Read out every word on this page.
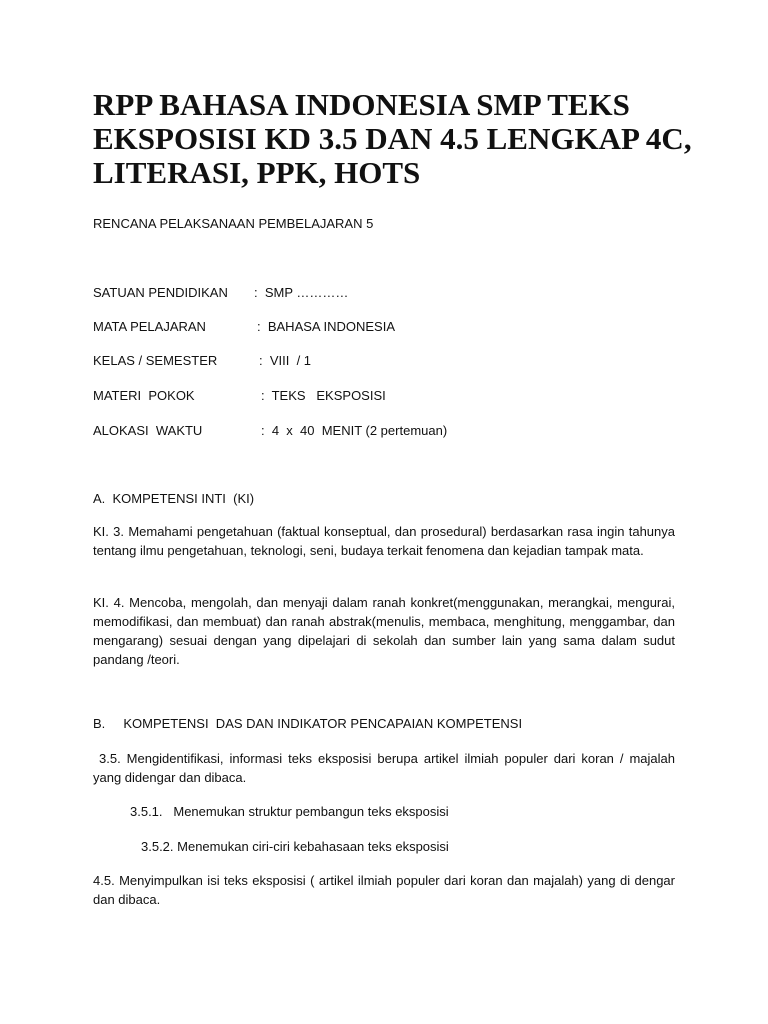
RPP BAHASA INDONESIA SMP TEKS EKSPOSISI KD 3.5 DAN 4.5 LENGKAP 4C, LITERASI, PPK, HOTS
RENCANA PELAKSANAAN PEMBELAJARAN 5
SATUAN PENDIDIKAN :  SMP …………
MATA PELAJARAN	:  BAHASA INDONESIA
KELAS / SEMESTER	:  VIII  / 1
MATERI  POKOK	:  TEKS   EKSPOSISI
ALOKASI  WAKTU	:  4  x  40  MENIT (2 pertemuan)
A.  KOMPETENSI INTI  (KI)
KI. 3. Memahami pengetahuan (faktual konseptual, dan prosedural) berdasarkan rasa ingin tahunya tentang ilmu pengetahuan, teknologi, seni, budaya terkait fenomena dan kejadian tampak mata.
KI. 4. Mencoba, mengolah, dan menyaji dalam ranah konkret(menggunakan, merangkai, mengurai, memodifikasi, dan membuat) dan ranah abstrak(menulis, membaca, menghitung, menggambar, dan mengarang) sesuai dengan yang dipelajari di sekolah dan sumber lain yang sama dalam sudut pandang /teori.
B.     KOMPETENSI  DAS DAN INDIKATOR PENCAPAIAN KOMPETENSI
3.5. Mengidentifikasi, informasi teks eksposisi berupa artikel ilmiah populer dari koran / majalah yang didengar dan dibaca.
3.5.1.   Menemukan struktur pembangun teks eksposisi
3.5.2. Menemukan ciri-ciri kebahasaan teks eksposisi
4.5. Menyimpulkan isi teks eksposisi ( artikel ilmiah populer dari koran dan majalah) yang di dengar dan dibaca.
